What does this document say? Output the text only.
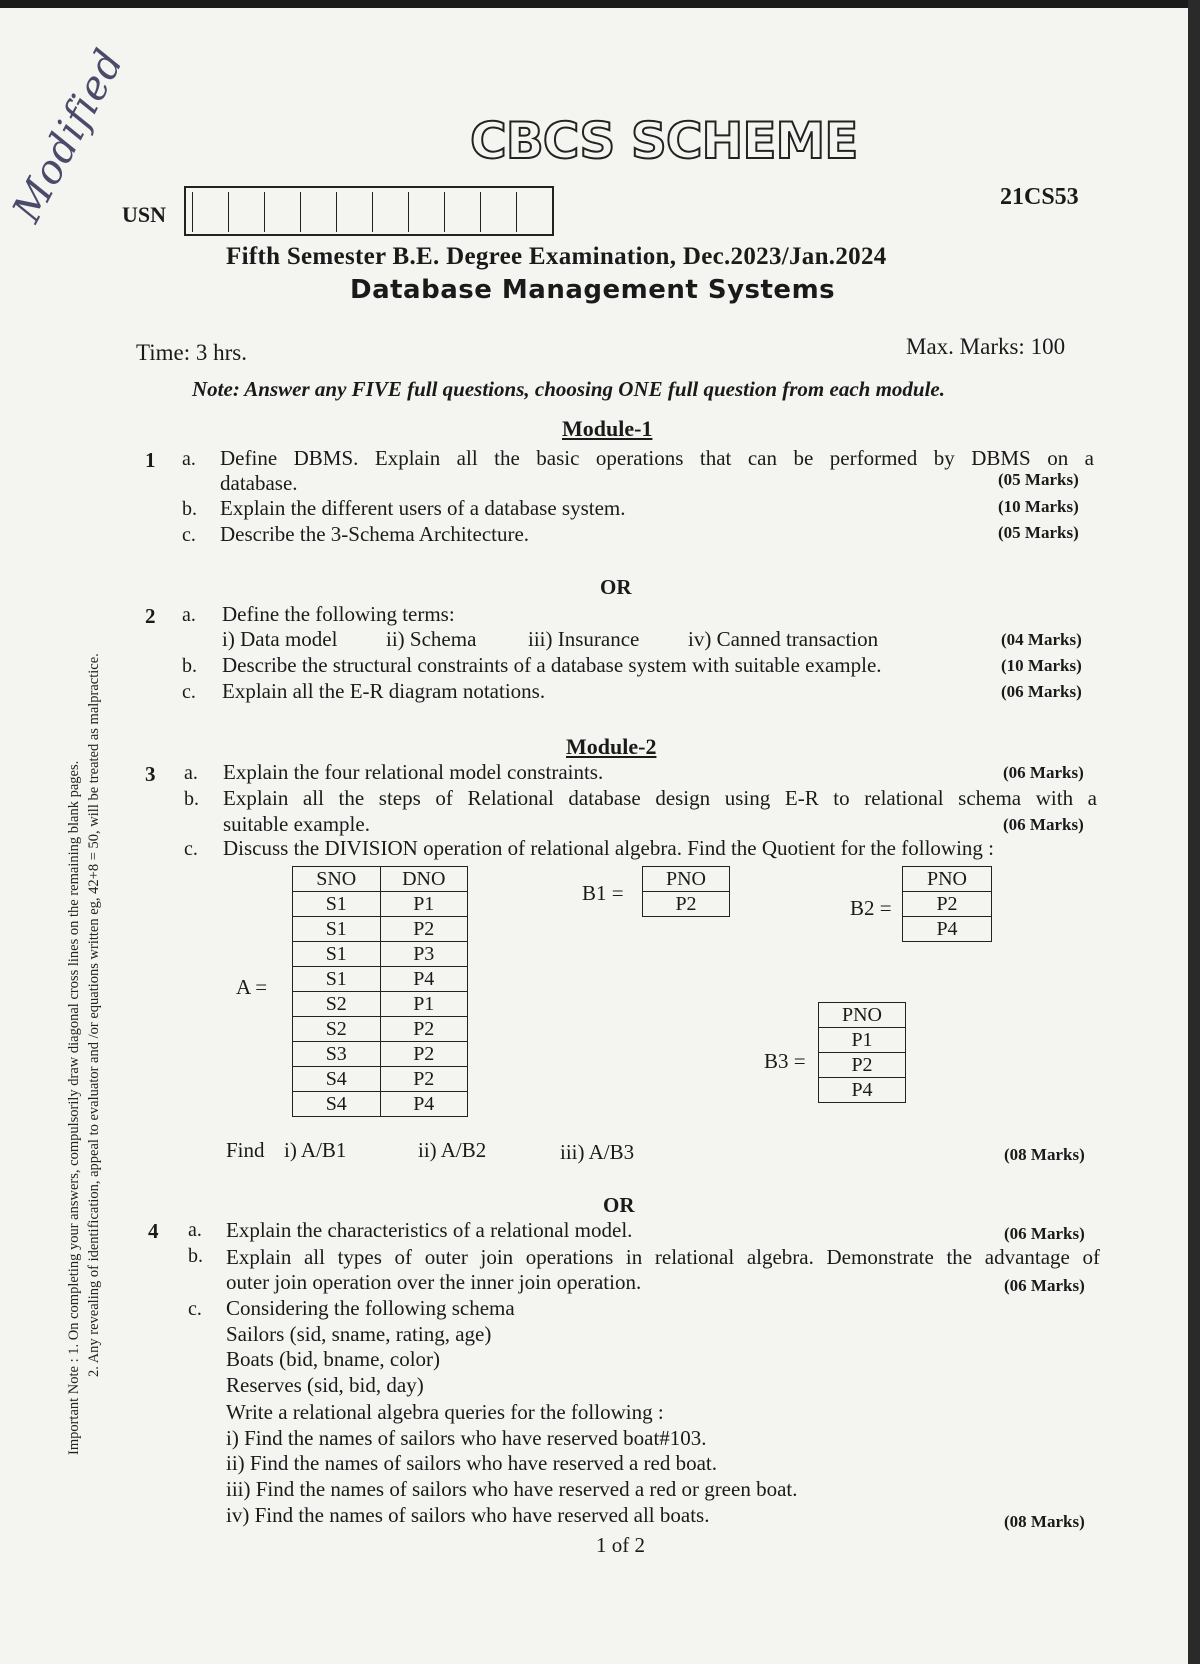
Modified	CBCS SCHEME
USN
21CS53
Fifth Semester B.E. Degree Examination, Dec.2023/Jan.2024
Database Management Systems
Time: 3 hrs.	Max. Marks: 100
Note: Answer any FIVE full questions, choosing ONE full question from each module.
Important Note : 1. On completing your answers, compulsorily draw diagonal cross lines on the remaining blank pages. 2. Any revealing of identification, appeal to evaluator and /or equations written eg, 42+8 = 50, will be treated as malpractice.
Module-1
1 a. Define DBMS. Explain all the basic operations that can be performed by DBMS on a
database.	(05 Marks)
b. Explain the different users of a database system.	(10 Marks)
c. Describe the 3-Schema Architecture.	(05 Marks)
OR
2 a. Define the following terms:
i) Data model ii) Schema iii) Insurance iv) Canned transaction	(04 Marks)
b. Describe the structural constraints of a database system with suitable example.	(10 Marks)
c. Explain all the E-R diagram notations.	(06 Marks)
Module-2
3 a. Explain the four relational model constraints.	(06 Marks)
b. Explain all the steps of Relational database design using E-R to relational schema with a
suitable example.	(06 Marks)
c. Discuss the DIVISION operation of relational algebra. Find the Quotient for the following :
A =
SNO	DNO
S1	P1
S1	P2
S1	P3
S1	P4
S2	P1
S2	P2
S3	P2
S4	P2
S4	P4
B1 =
PNO
P2	B2 =
PNO
P2
P4
B3 =
PNO
P1
P2
P4
Find i) A/B1	ii) A/B2	iii) A/B3	(08 Marks)
OR
4 a. Explain the characteristics of a relational model.	(06 Marks)
b. Explain all types of outer join operations in relational algebra. Demonstrate the advantage of
outer join operation over the inner join operation.	(06 Marks)
c. Considering the following schema
Sailors (sid, sname, rating, age)
Boats (bid, bname, color)
Reserves (sid, bid, day)
Write a relational algebra queries for the following :
i) Find the names of sailors who have reserved boat#103.
ii) Find the names of sailors who have reserved a red boat.
iii) Find the names of sailors who have reserved a red or green boat.
iv) Find the names of sailors who have reserved all boats.	(08 Marks)
1 of 2
